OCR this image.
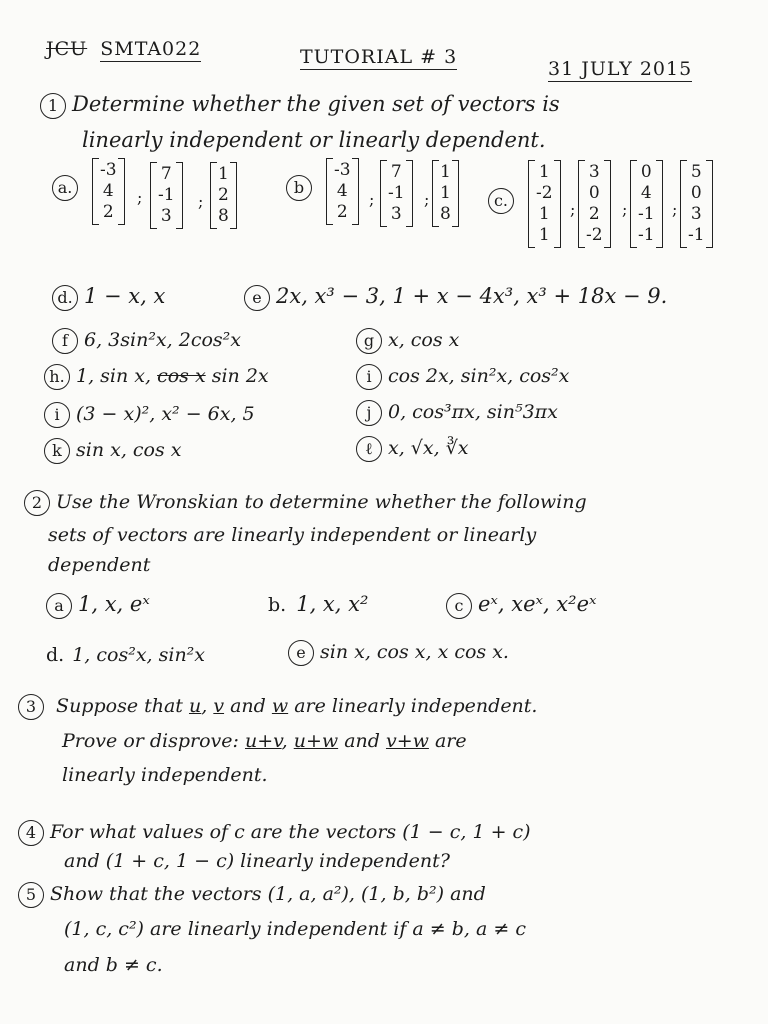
JCU SMTA022	TUTORIAL # 3
31 JULY 2015
1 Determine whether the given set of vectors is
linearly independent or linearly dependent.
a.
-3
4
2
;
7
-1
3
;
1
2
8
b
-3
4
2
;
7
-1
3
;
1
1
8
c.
1
-2
1
1
;
3
0
2
-2
;
0
4
-1
-1
;
5
0
3
-1
d. 1 − x, x	e 2x, x³ − 3, 1 + x − 4x³, x³ + 18x − 9.
f 6, 3sin²x, 2cos²x	g x, cos x
h. 1, sin x, cos x sin 2x	i cos 2x, sin²x, cos²x
i (3 − x)², x² − 6x, 5	j 0, cos³πx, sin⁵3πx
k sin x, cos x	ℓ x, √x, ∛x
2 Use the Wronskian to determine whether the following
sets of vectors are linearly independent or linearly
dependent
a 1, x, eˣ	b. 1, x, x²	c eˣ, xeˣ, x²eˣ
d. 1, cos²x, sin²x	e sin x, cos x, x cos x.
3 Suppose that u, v and w are linearly independent.
Prove or disprove: u+v, u+w and v+w are
linearly independent.
4 For what values of c are the vectors (1 − c, 1 + c)
and (1 + c, 1 − c) linearly independent?
5 Show that the vectors (1, a, a²), (1, b, b²) and
(1, c, c²) are linearly independent if a ≠ b, a ≠ c
and b ≠ c.
